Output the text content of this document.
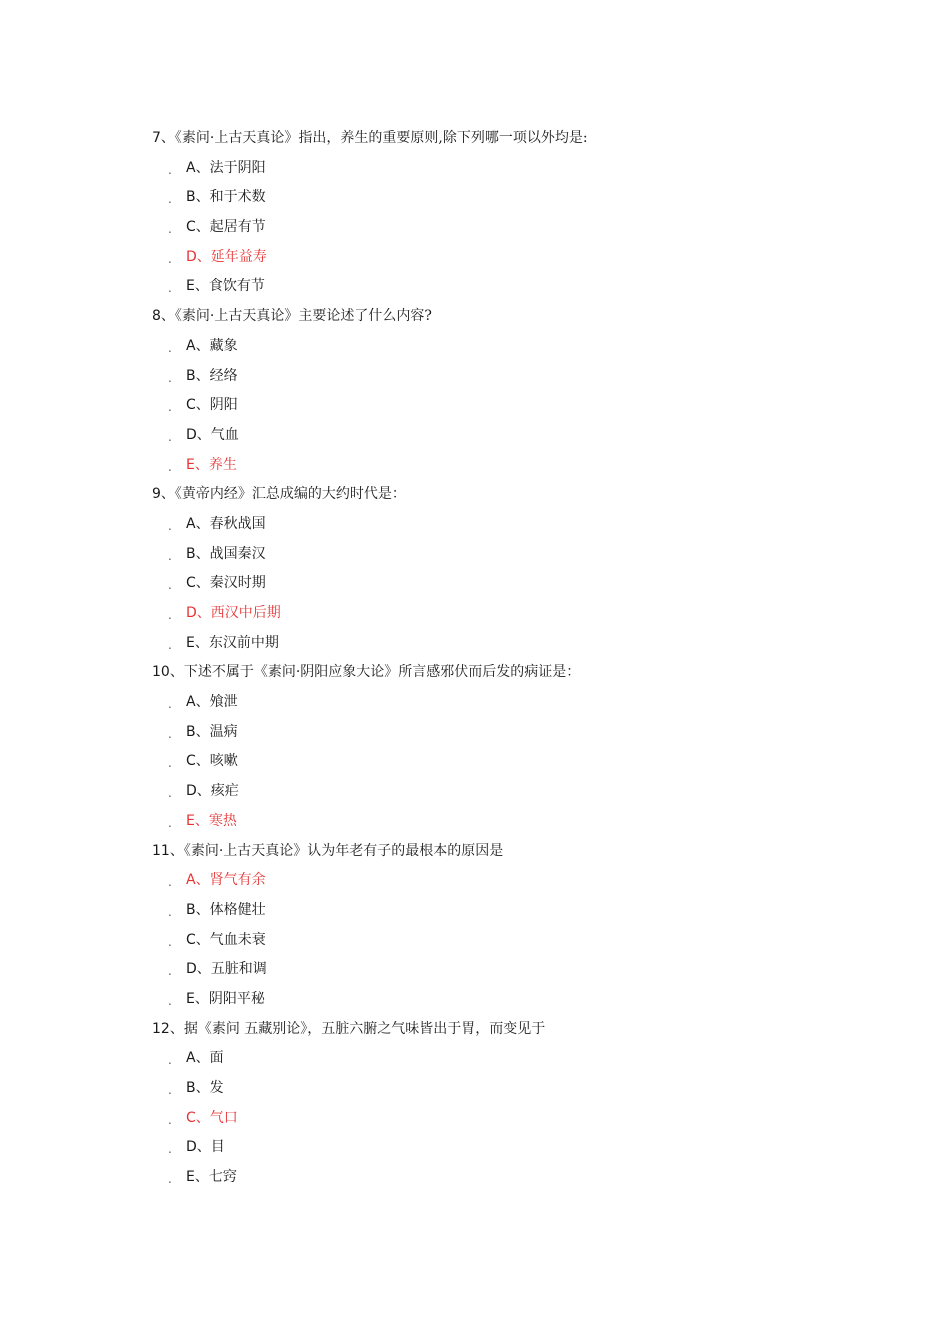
7、《素问·上古天真论》指出，养生的重要原则,除下列哪一项以外均是:
. A、法于阴阳
. B、和于术数
. C、起居有节
. D、延年益寿
. E、食饮有节
8、《素问·上古天真论》主要论述了什么内容?
. A、藏象
. B、经络
. C、阴阳
. D、气血
. E、养生
9、《黄帝内经》汇总成编的大约时代是：
. A、春秋战国
. B、战国秦汉
. C、秦汉时期
. D、西汉中后期
. E、东汉前中期
10、下述不属于《素问·阴阳应象大论》所言感邪伏而后发的病证是：
. A、飧泄
. B、温病
. C、咳嗽
. D、痎疟
. E、寒热
11、《素问·上古天真论》认为年老有子的最根本的原因是
. A、肾气有余
. B、体格健壮
. C、气血未衰
. D、五脏和调
. E、阴阳平秘
12、据《素问 五藏别论》，五脏六腑之气味皆出于胃，而变见于
. A、面
. B、发
. C、气口
. D、目
. E、七窍
